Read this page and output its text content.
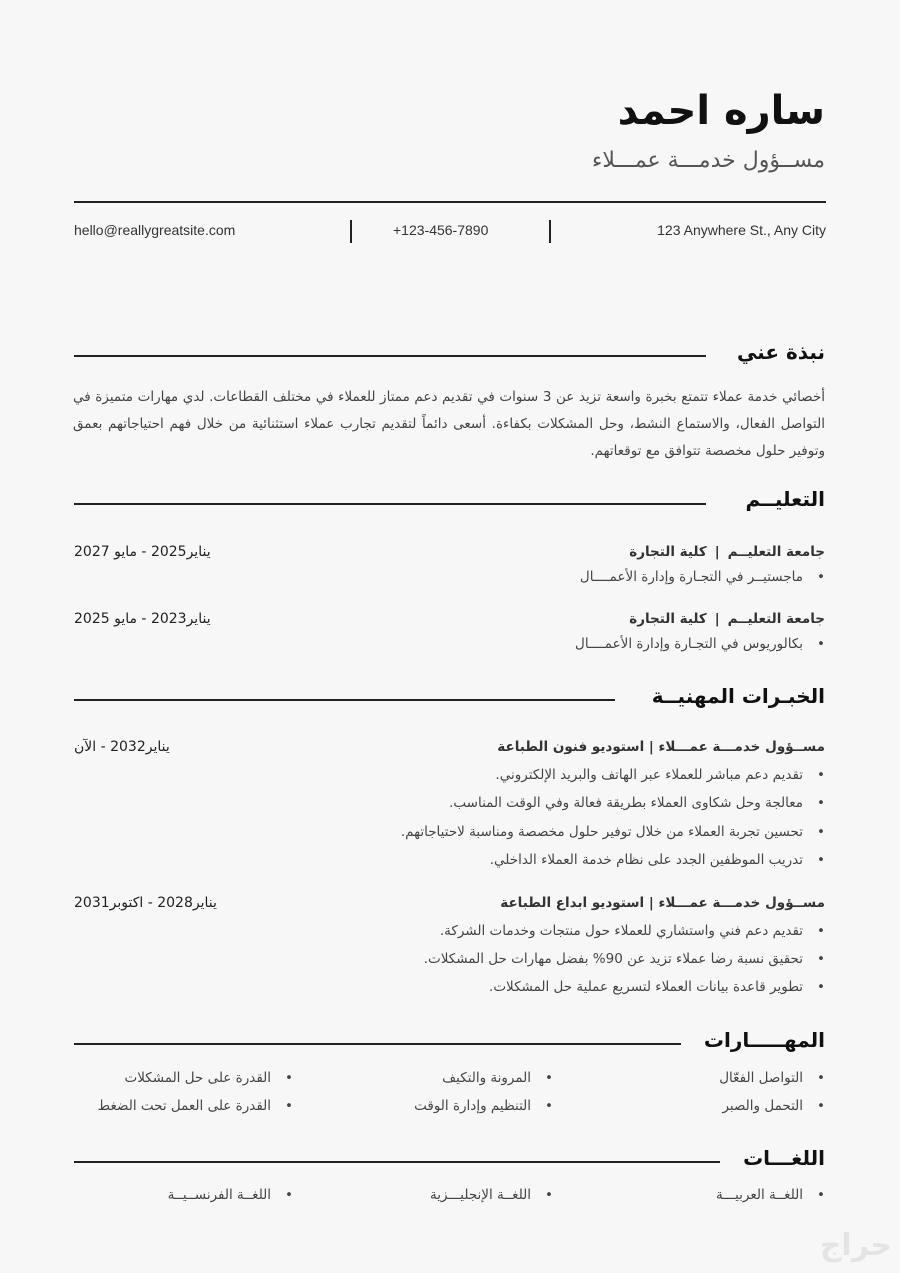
ساره احمد
مســؤول خدمـــة عمـــلاء
hello@reallygreatsite.com	+123-456-7890	123 Anywhere St., Any City
نبذة عني
أخصائي خدمة عملاء تتمتع بخبرة واسعة تزيد عن 3 سنوات في تقديم دعم ممتاز للعملاء في مختلف القطاعات. لدي مهارات متميزة في التواصل الفعال، والاستماع النشط، وحل المشكلات بكفاءة. أسعى دائماً لتقديم تجارب عملاء استثنائية من خلال فهم احتياجاتهم بعمق وتوفير حلول مخصصة تتوافق مع توقعاتهم.
التعليــم
جامعة التعليــم|كلية التجارة
يناير2025 - مايو 2027
• ماجستيــر في التجـارة وإدارة الأعمــــال
جامعة التعليــم|كلية التجارة
يناير2023 - مايو 2025
• بكالوريوس في التجـارة وإدارة الأعمــــال
الخبـرات المهنيــة
مســؤول خدمـــة عمـــلاء | استوديو فنون الطباعة
يناير2032 - الآن
• تقديم دعم مباشر للعملاء عبر الهاتف والبريد الإلكتروني.
• معالجة وحل شكاوى العملاء بطريقة فعالة وفي الوقت المناسب.
• تحسين تجربة العملاء من خلال توفير حلول مخصصة ومناسبة لاحتياجاتهم.
• تدريب الموظفين الجدد على نظام خدمة العملاء الداخلي.
مســؤول خدمـــة عمـــلاء | استوديو ابداع الطباعة
يناير2028 - اكتوبر2031
• تقديم دعم فني واستشاري للعملاء حول منتجات وخدمات الشركة.
• تحقيق نسبة رضا عملاء تزيد عن 90% بفضل مهارات حل المشكلات.
• تطوير قاعدة بيانات العملاء لتسريع عملية حل المشكلات.
المهـــــارات
• التواصل الفعّال
• المرونة والتكيف
• القدرة على حل المشكلات
• التحمل والصبر
• التنظيم وإدارة الوقت
• القدرة على العمل تحت الضغط
اللغـــات
• اللغــة العربيـــة
• اللغــة الإنجليـــزية
• اللغــة الفرنســيــة
حراج
